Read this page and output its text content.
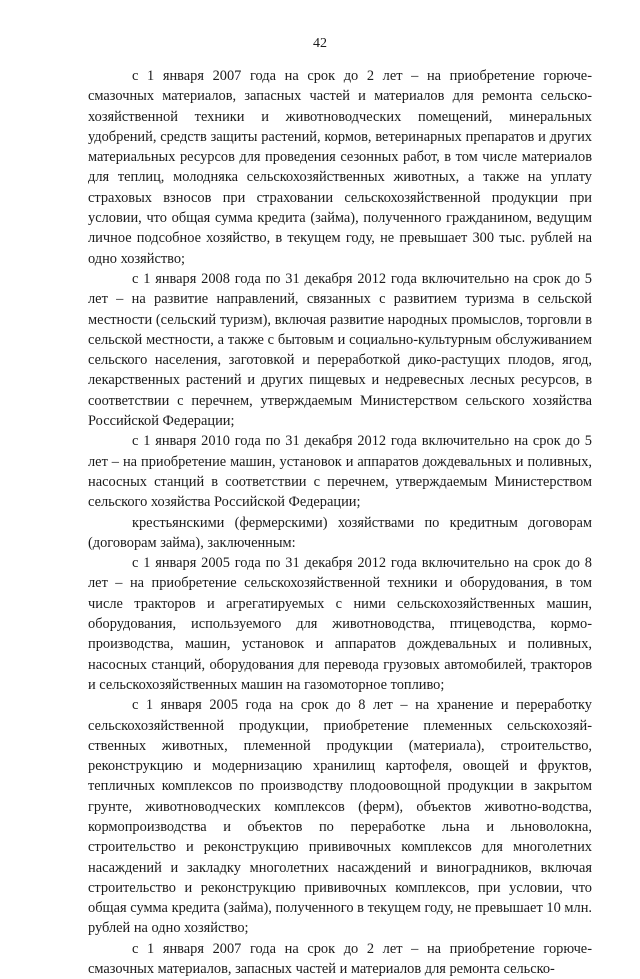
42

с 1 января 2007 года на срок до 2 лет – на приобретение горюче-смазочных материалов, запасных частей и материалов для ремонта сельско-хозяйственной техники и животноводческих помещений, минеральных удобрений, средств защиты растений, кормов, ветеринарных препаратов и других материальных ресурсов для проведения сезонных работ, в том числе материалов для теплиц, молодняка сельскохозяйственных животных, а также на уплату страховых взносов при страховании сельскохозяйственной продукции при условии, что общая сумма кредита (займа), полученного гражданином, ведущим личное подсобное хозяйство, в текущем году, не превышает 300 тыс. рублей на одно хозяйство;

с 1 января 2008 года по 31 декабря 2012 года включительно на срок до 5 лет – на развитие направлений, связанных с развитием туризма в сельской местности (сельский туризм), включая развитие народных промыслов, торговли в сельской местности, а также с бытовым и социально-культурным обслуживанием сельского населения, заготовкой и переработкой дико-растущих плодов, ягод, лекарственных растений и других пищевых и недревесных лесных ресурсов, в соответствии с перечнем, утверждаемым Министерством сельского хозяйства Российской Федерации;

с 1 января 2010 года по 31 декабря 2012 года включительно на срок до 5 лет – на приобретение машин, установок и аппаратов дождевальных и поливных, насосных станций в соответствии с перечнем, утверждаемым Министерством сельского хозяйства Российской Федерации;

крестьянскими (фермерскими) хозяйствами по кредитным договорам (договорам займа), заключенным:

с 1 января 2005 года по 31 декабря 2012 года включительно на срок до 8 лет – на приобретение сельскохозяйственной техники и оборудования, в том числе тракторов и агрегатируемых с ними сельскохозяйственных машин, оборудования, используемого для животноводства, птицеводства, кормо-производства, машин, установок и аппаратов дождевальных и поливных, насосных станций, оборудования для перевода грузовых автомобилей, тракторов и сельскохозяйственных машин на газомоторное топливо;

с 1 января 2005 года на срок до 8 лет – на хранение и переработку сельскохозяйственной продукции, приобретение племенных сельскохозяй-ственных животных, племенной продукции (материала), строительство, реконструкцию и модернизацию хранилищ картофеля, овощей и фруктов, тепличных комплексов по производству плодоовощной продукции в закрытом грунте, животноводческих комплексов (ферм), объектов животно-водства, кормопроизводства и объектов по переработке льна и льноволокна, строительство и реконструкцию прививочных комплексов для многолетних насаждений и закладку многолетних насаждений и виноградников, включая строительство и реконструкцию прививочных комплексов, при условии, что общая сумма кредита (займа), полученного в текущем году, не превышает 10 млн. рублей на одно хозяйство;

с 1 января 2007 года на срок до 2 лет – на приобретение горюче-смазочных материалов, запасных частей и материалов для ремонта сельско-
